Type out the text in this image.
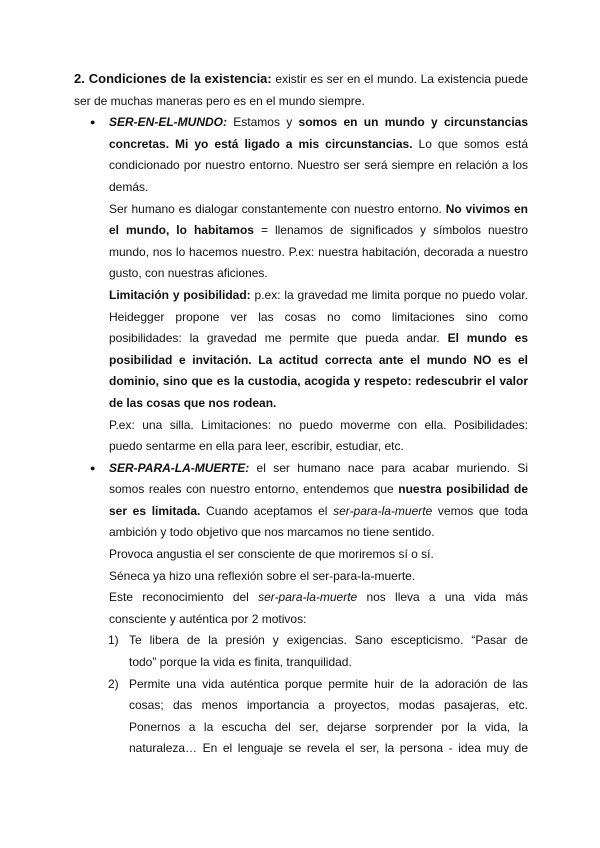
2. Condiciones de la existencia: existir es ser en el mundo. La existencia puede

ser de muchas maneras pero es en el mundo siempre.

● SER-EN-EL-MUNDO: Estamos y somos en un mundo y circunstancias

concretas. Mi yo está ligado a mis circunstancias. Lo que somos está

condicionado por nuestro entorno. Nuestro ser será siempre en relación a los

demás.

Ser humano es dialogar constantemente con nuestro entorno. No vivimos en

el mundo, lo habitamos = llenamos de significados y símbolos nuestro

mundo, nos lo hacemos nuestro. P.ex: nuestra habitación, decorada a nuestro

gusto, con nuestras aficiones.

Limitación y posibilidad: p.ex: la gravedad me limita porque no puedo volar.

Heidegger propone ver las cosas no como limitaciones sino como

posibilidades: la gravedad me permite que pueda andar. El mundo es

posibilidad e invitación. La actitud correcta ante el mundo NO es el

dominio, sino que es la custodia, acogida y respeto: redescubrir el valor

de las cosas que nos rodean.

P.ex: una silla. Limitaciones: no puedo moverme con ella. Posibilidades:

puedo sentarme en ella para leer, escribir, estudiar, etc.

● SER-PARA-LA-MUERTE: el ser humano nace para acabar muriendo. Si

somos reales con nuestro entorno, entendemos que nuestra posibilidad de

ser es limitada. Cuando aceptamos el ser-para-la-muerte vemos que toda

ambición y todo objetivo que nos marcamos no tiene sentido.

Provoca angustia el ser consciente de que moriremos sí o sí.

Séneca ya hizo una reflexión sobre el ser-para-la-muerte.

Este reconocimiento del ser-para-la-muerte nos lleva a una vida más

consciente y auténtica por 2 motivos:

1) Te libera de la presión y exigencias. Sano escepticismo. “Pasar de

todo” porque la vida es finita, tranquilidad.

2) Permite una vida auténtica porque permite huir de la adoración de las

cosas; das menos importancia a proyectos, modas pasajeras, etc.

Ponernos a la escucha del ser, dejarse sorprender por la vida, la

naturaleza… En el lenguaje se revela el ser, la persona - idea muy de
